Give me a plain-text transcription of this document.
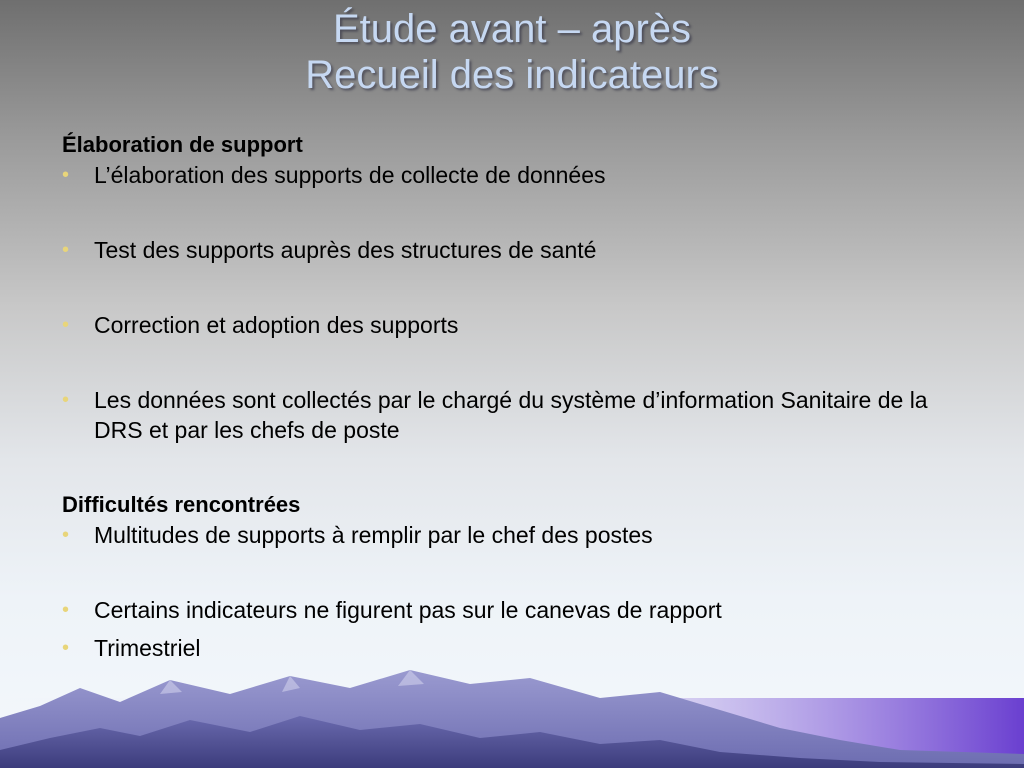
Étude avant – après
Recueil des indicateurs

Élaboration de support

• L’élaboration des supports de collecte de données
• Test des supports auprès des structures de santé
• Correction et adoption des supports
• Les données sont collectés par le chargé du système d’information Sanitaire de la DRS et par les chefs de poste

Difficultés rencontrées

• Multitudes de supports à remplir par le chef des postes
• Certains indicateurs ne figurent pas sur le canevas de rapport
• Trimestriel
